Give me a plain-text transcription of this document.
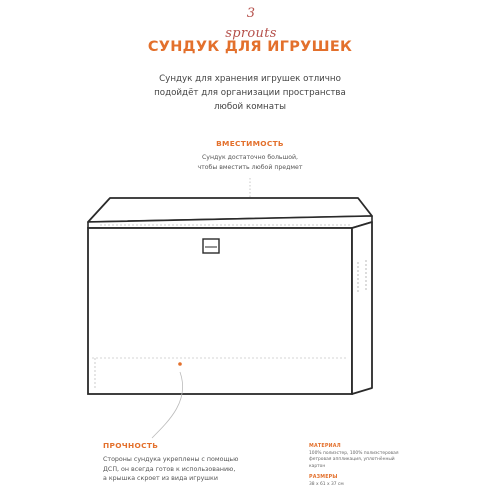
3 sprouts
СУНДУК ДЛЯ ИГРУШЕК
Сундук для хранения игрушек отлично
подойдёт для организации пространства
любой комнаты
ВМЕСТИМОСТЬ
Сундук достаточно большой,
чтобы вместить любой предмет
ПРОЧНОСТЬ
Стороны сундука укреплены с помощью
ДСП, он всегда готов к использованию,
а крышка скроет из вида игрушки
МАТЕРИАЛ
100% полиэстер, 100% полиэстеровая
фетровая аппликация, уплотнённый
картон
РАЗМЕРЫ
38 x 61 x 37 см
